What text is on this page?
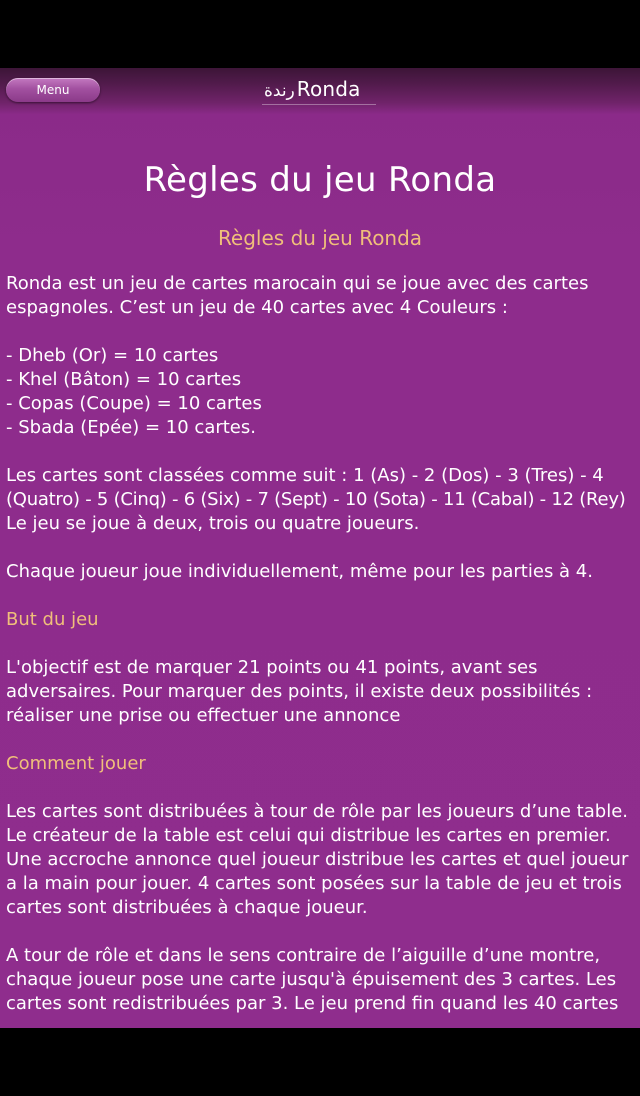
Menu	رندة Ronda
Règles du jeu Ronda
Règles du jeu Ronda

Ronda est un jeu de cartes marocain qui se joue avec des cartes

espagnoles. C’est un jeu de 40 cartes avec 4 Couleurs :

- Dheb (Or) = 10 cartes

- Khel (Bâton) = 10 cartes

- Copas (Coupe) = 10 cartes

- Sbada (Epée) = 10 cartes.

Les cartes sont classées comme suit : 1 (As) - 2 (Dos) - 3 (Tres) - 4

(Quatro) - 5 (Cinq) - 6 (Six) - 7 (Sept) - 10 (Sota) - 11 (Cabal) - 12 (Rey)

Le jeu se joue à deux, trois ou quatre joueurs.

Chaque joueur joue individuellement, même pour les parties à 4.

But du jeu

L'objectif est de marquer 21 points ou 41 points, avant ses

adversaires. Pour marquer des points, il existe deux possibilités :

réaliser une prise ou effectuer une annonce

Comment jouer

Les cartes sont distribuées à tour de rôle par les joueurs d’une table.

Le créateur de la table est celui qui distribue les cartes en premier.

Une accroche annonce quel joueur distribue les cartes et quel joueur

a la main pour jouer. 4 cartes sont posées sur la table de jeu et trois

cartes sont distribuées à chaque joueur.

A tour de rôle et dans le sens contraire de l’aiguille d’une montre,

chaque joueur pose une carte jusqu'à épuisement des 3 cartes. Les

cartes sont redistribuées par 3. Le jeu prend fin quand les 40 cartes
